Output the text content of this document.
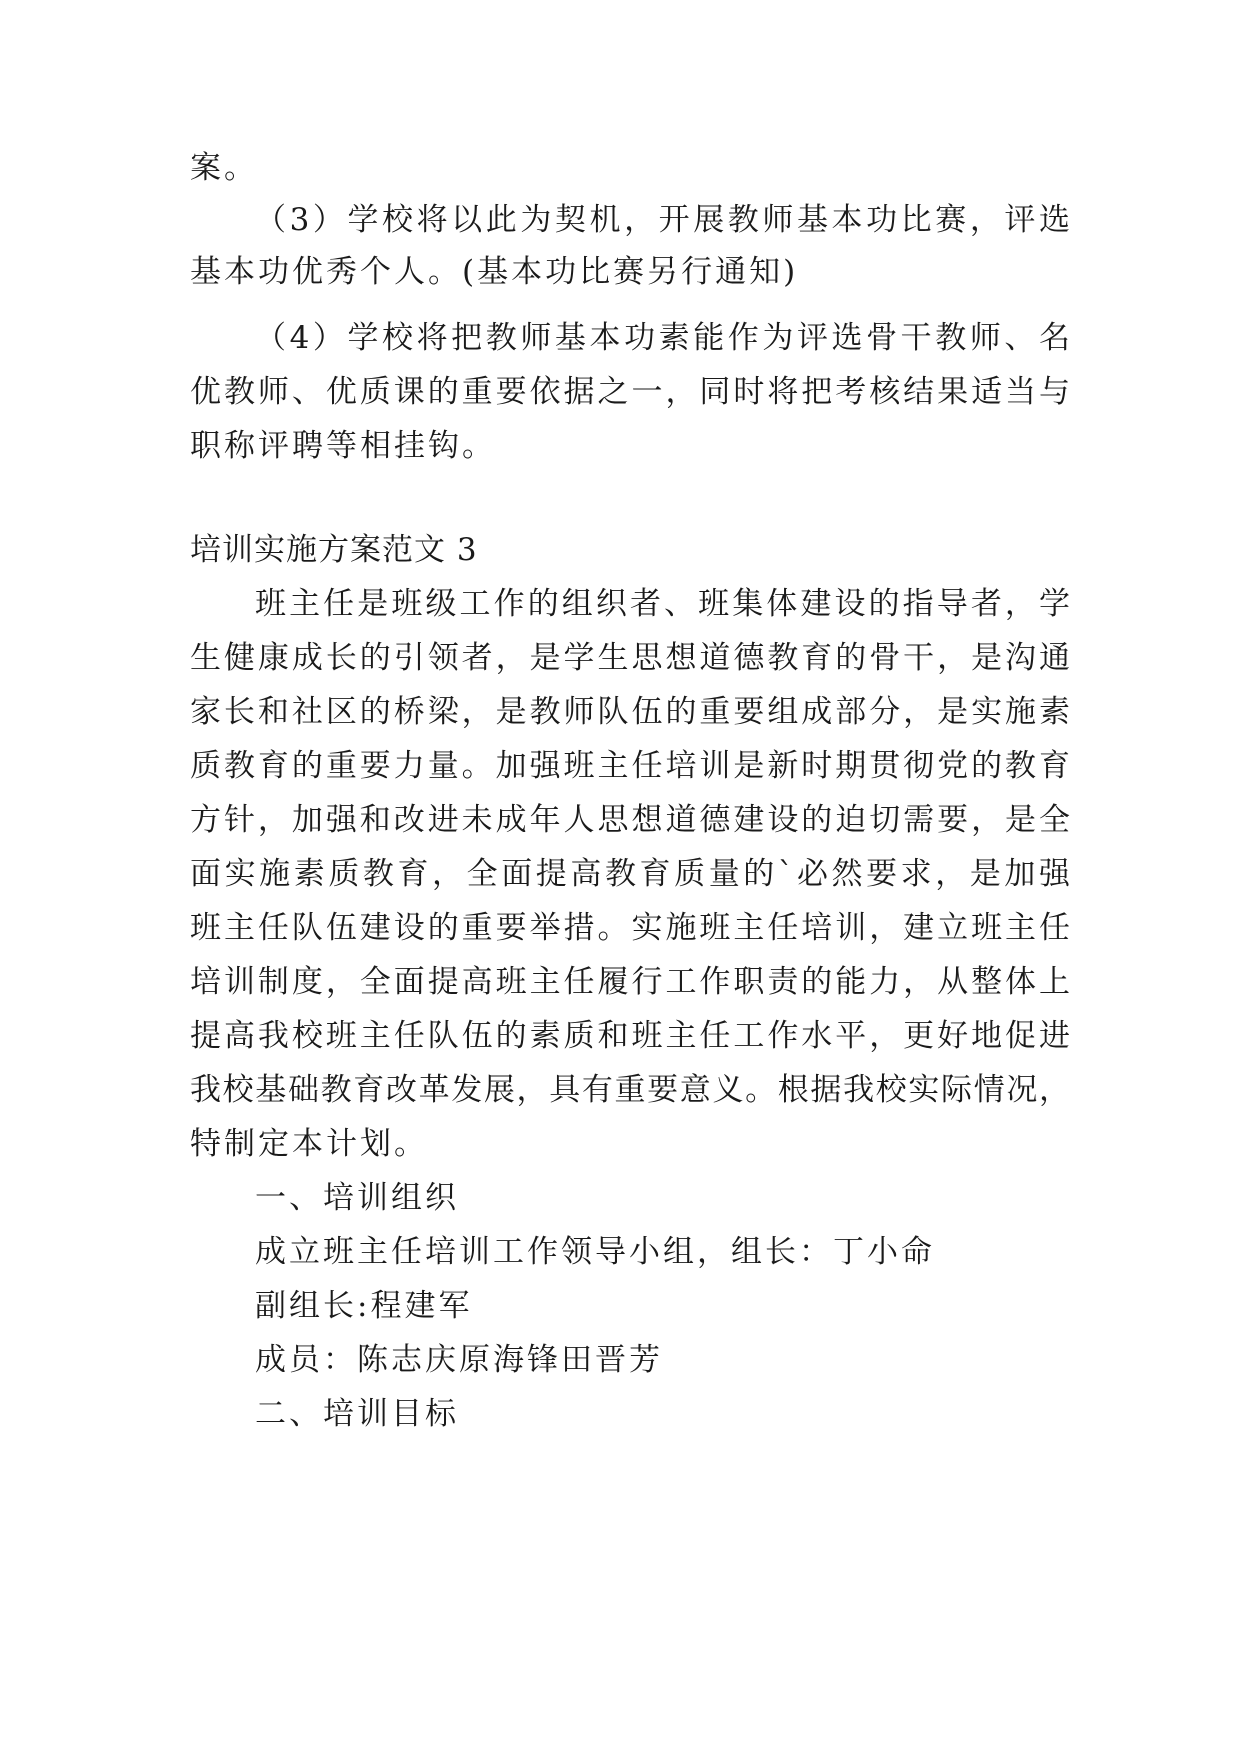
案。
（3）学校将以此为契机，开展教师基本功比赛，评选
基本功优秀个人。(基本功比赛另行通知)
（4）学校将把教师基本功素能作为评选骨干教师、名
优教师、优质课的重要依据之一，同时将把考核结果适当与
职称评聘等相挂钩。
培训实施方案范文 3
班主任是班级工作的组织者、班集体建设的指导者，学
生健康成长的引领者，是学生思想道德教育的骨干，是沟通
家长和社区的桥梁，是教师队伍的重要组成部分，是实施素
质教育的重要力量。加强班主任培训是新时期贯彻党的教育
方针，加强和改进未成年人思想道德建设的迫切需要，是全
面实施素质教育，全面提高教育质量的`必然要求，是加强
班主任队伍建设的重要举措。实施班主任培训，建立班主任
培训制度，全面提高班主任履行工作职责的能力，从整体上
提高我校班主任队伍的素质和班主任工作水平，更好地促进
我校基础教育改革发展，具有重要意义。根据我校实际情况，
特制定本计划。
一、培训组织
成立班主任培训工作领导小组，组长：丁小命
副组长:程建军
成员：陈志庆原海锋田晋芳
二、培训目标
